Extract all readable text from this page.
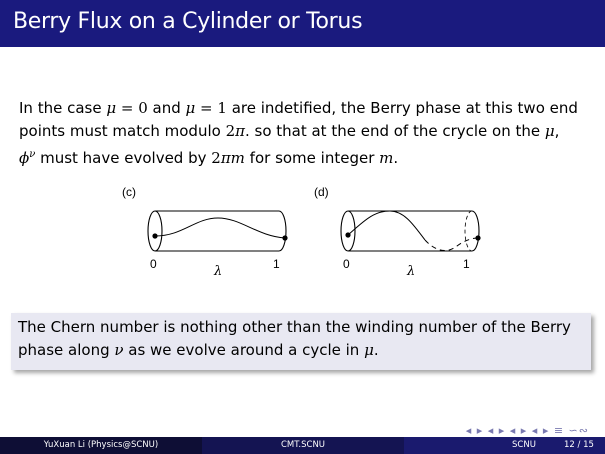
Berry Flux on a Cylinder or Torus
In the case μ = 0 and μ = 1 are indetified, the Berry phase at this two end
points must match modulo 2π. so that at the end of the crycle on the μ,
$\phi^\nu$ must have evolved by 2πm for some integer m.
(c)
0	1
λ
(d)
0	1
λ
The Chern number is nothing other than the winding number of the Berry
phase along ν as we evolve around a cycle in μ.
◂ ▸ ◂ ▸ ◂ ▸ ◂ ▸ ≡ ∽∾
YuXuan Li (Physics@SCNU)	CMT.SCNU	SCNU	12 / 15
